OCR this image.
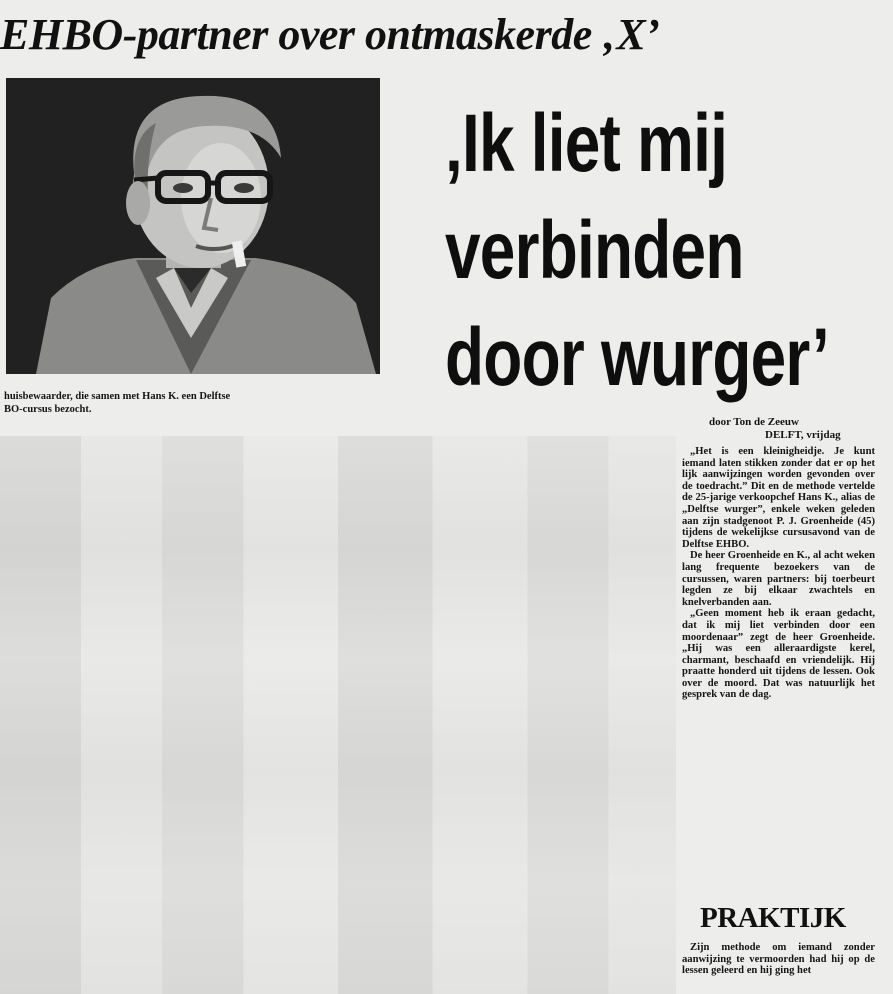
EHBO-partner over ontmaskerde ‚X’
huisbewaarder, die samen met Hans K. een Delftse
BO-cursus bezocht.
‚Ik liet mij
verbinden
door wurger’
door Ton de Zeeuw
DELFT, vrijdag

„Het is een kleinigheidje. Je kunt iemand laten stikken zonder dat er op het lijk aanwijzingen worden gevonden over de toedracht.” Dit en de methode vertelde de 25-jarige verkoopchef Hans K., alias de „Delftse wurger”, enkele weken geleden aan zijn stadgenoot P. J. Groenheide (45) tijdens de wekelijkse cursusavond van de Delftse EHBO.

De heer Groenheide en K., al acht weken lang frequente bezoekers van de cursussen, waren partners: bij toerbeurt legden ze bij elkaar zwachtels en knelverbanden aan.

„Geen moment heb ik eraan gedacht, dat ik mij liet verbinden door een moordenaar” zegt de heer Groenheide. „Hij was een alleraardigste kerel, charmant, beschaafd en vriendelijk. Hij praatte honderd uit tijdens de lessen. Ook over de moord. Dat was natuurlijk het gesprek van de dag.

PRAKTIJK

Zijn methode om iemand zonder aanwijzing te vermoorden had hij op de lessen geleerd en hij ging het
